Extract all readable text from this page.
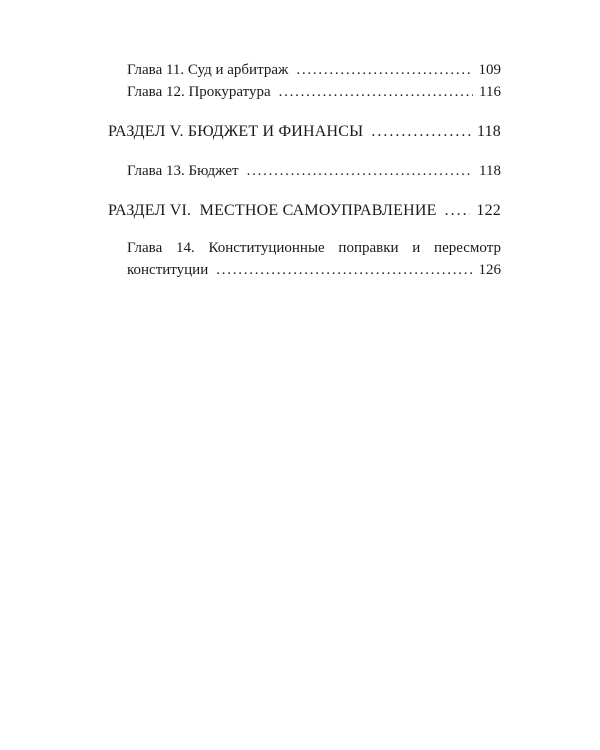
Глава 11. Суд и арбитраж . . .	109
Глава 12. Прокуратура . . .	116
РАЗДЕЛ V. БЮДЖЕТ И ФИНАНСЫ . . .	118
Глава 13. Бюджет . . .	118
РАЗДЕЛ VI.  МЕСТНОЕ САМОУПРАВЛЕНИЕ . . . 122
Глава 14. Конституционные поправки и пересмотр
конституции . . .	126
